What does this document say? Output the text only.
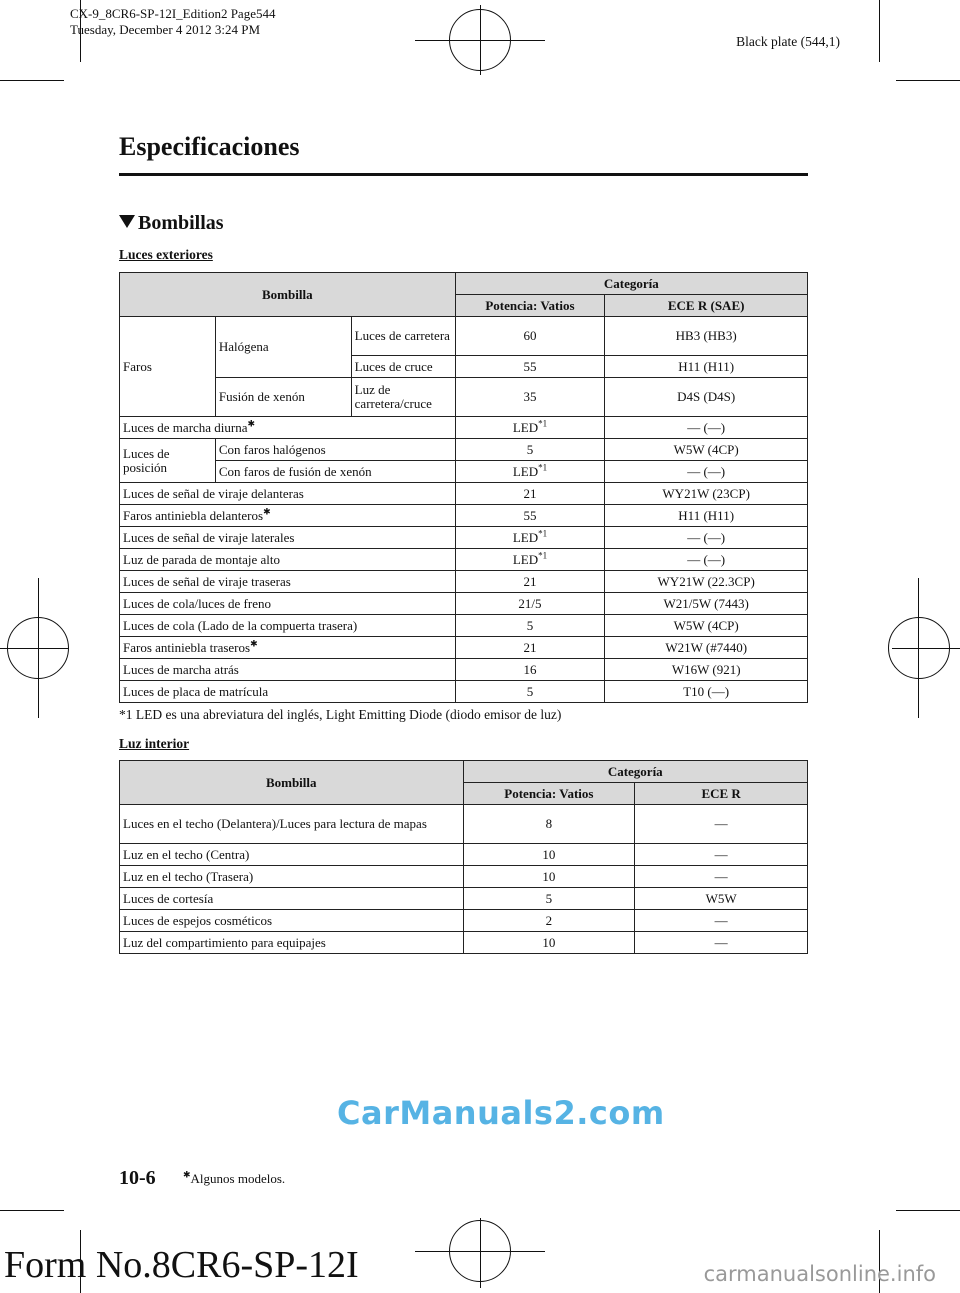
CX-9_8CR6-SP-12I_Edition2 Page544
Tuesday, December 4 2012 3:24 PM
Black plate (544,1)
Especificaciones
Bombillas
Luces exteriores
Bombilla			Categoría	
			Potencia: Vatios	ECE R (SAE)
Faros	Halógena	Luces de carretera	60	HB3 (HB3)
		Luces de cruce	55	H11 (H11)
	Fusión de xenón	Luz de carretera/cruce	35	D4S (D4S)
Luces de marcha diurna✱			LED$^{*1}$	― (―)
Luces de posición	Con faros halógenos		5	W5W (4CP)
	Con faros de fusión de xenón		LED$^{*1}$	― (―)
Luces de señal de viraje delanteras			21	WY21W (23CP)
Faros antiniebla delanteros✱			55	H11 (H11)
Luces de señal de viraje laterales			LED$^{*1}$	― (―)
Luz de parada de montaje alto			LED$^{*1}$	― (―)
Luces de señal de viraje traseras			21	WY21W (22.3CP)
Luces de cola/luces de freno			21/5	W21/5W (7443)
Luces de cola (Lado de la compuerta trasera)			5	W5W (4CP)
Faros antiniebla traseros✱			21	W21W (#7440)
Luces de marcha atrás			16	W16W (921)
Luces de placa de matrícula			5	T10 (―)
*1 LED es una abreviatura del inglés, Light Emitting Diode (diodo emisor de luz)
Luz interior
Bombilla	Categoría	
	Potencia: Vatios	ECE R
Luces en el techo (Delantera)/Luces para lectura de mapas	8	―
Luz en el techo (Centra)	10	―
Luz en el techo (Trasera)	10	―
Luces de cortesía	5	W5W
Luces de espejos cosméticos	2	―
Luz del compartimiento para equipajes	10	―
10-6	✱Algunos modelos.
CarManuals2.com
Form No.8CR6-SP-12I	carmanualsonline.info
